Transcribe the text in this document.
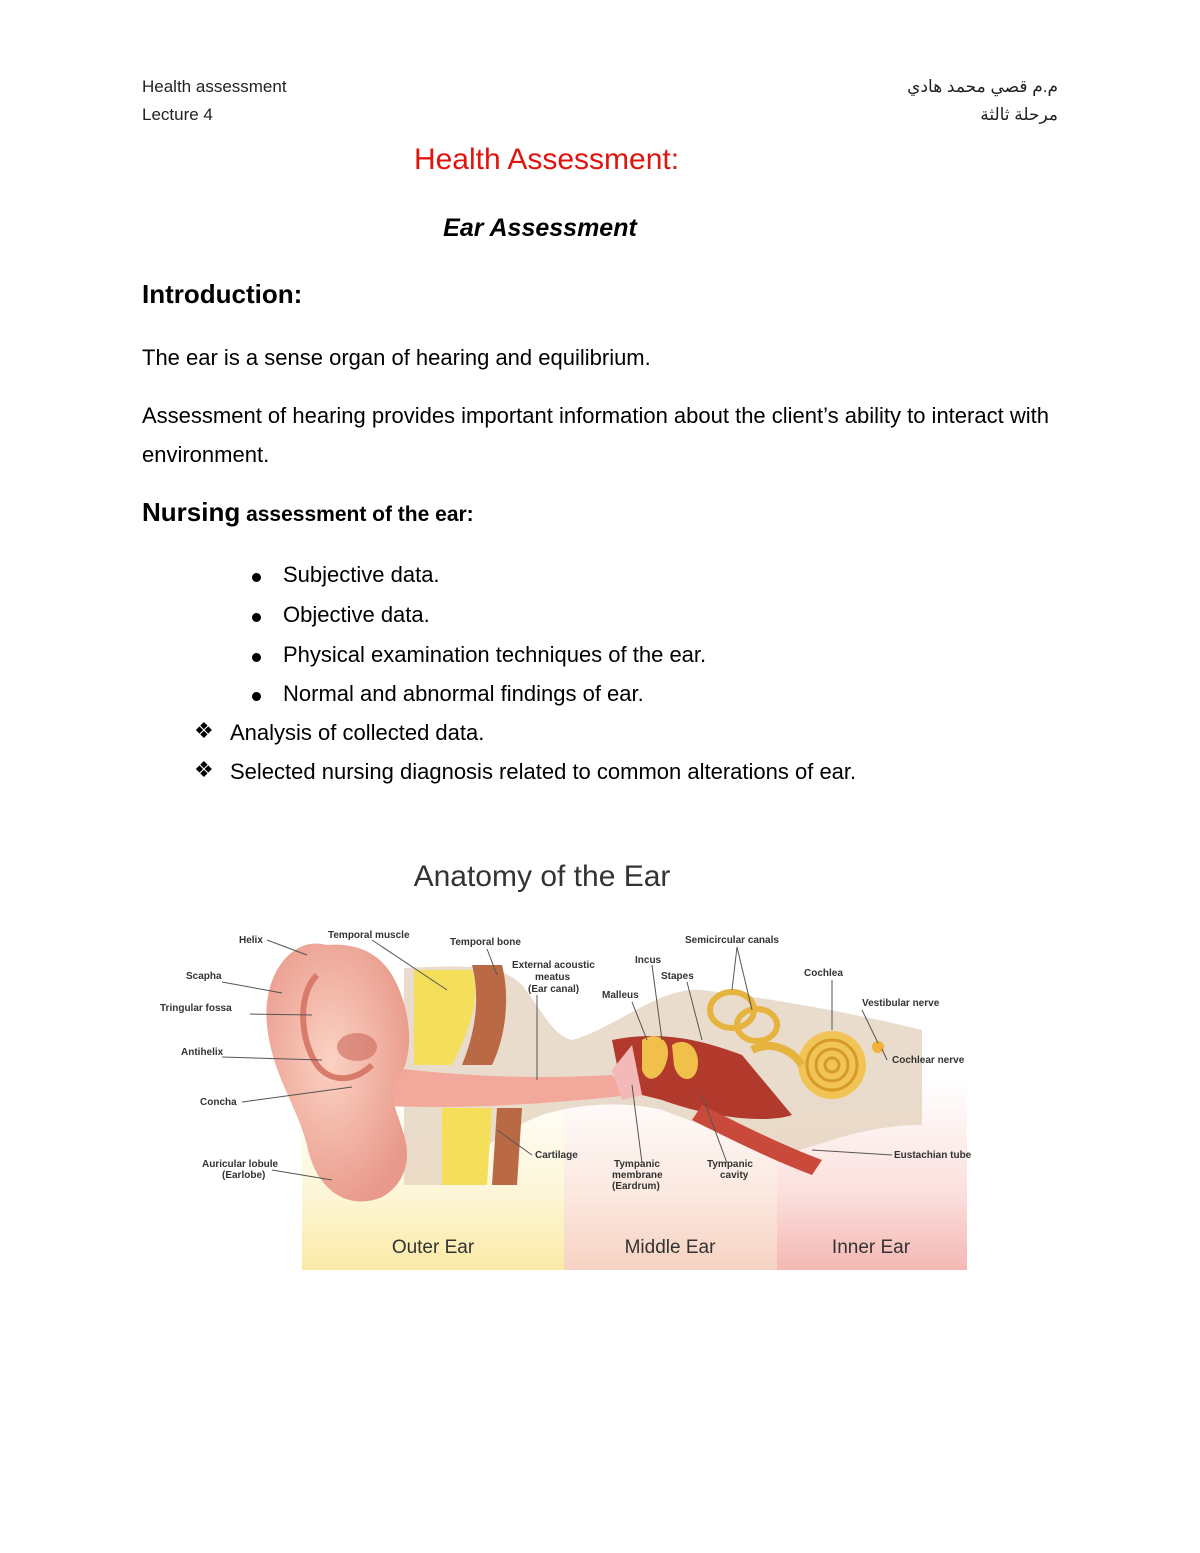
Health assessment
Lecture 4
م.م قصي محمد هادي
مرحلة ثالثة
Health Assessment:
Ear Assessment
Introduction:
The ear is a sense organ of hearing and equilibrium.
Assessment of hearing provides important information about the client’s ability to interact with environment.
Nursing assessment of the ear:
Subjective data.
Objective data.
Physical examination techniques of the ear.
Normal and abnormal findings of ear.
❖ Analysis of collected data.
❖ Selected nursing diagnosis related to common alterations of ear.
Anatomy of the Ear
Helix	Temporal muscle
Temporal bone
External acoustic
meatus
(Ear canal)
Incus
Semicircular canals
Scapha	Stapes	Cochlea
Tringular fossa
Malleus
Vestibular nerve
Antihelix
Cochlear nerve
Concha
Cartilage
Tympanic
membrane
(Eardrum)
Tympanic
cavity
Eustachian tube
Auricular lobule
(Earlobe)
Outer Ear	Middle Ear	Inner Ear
